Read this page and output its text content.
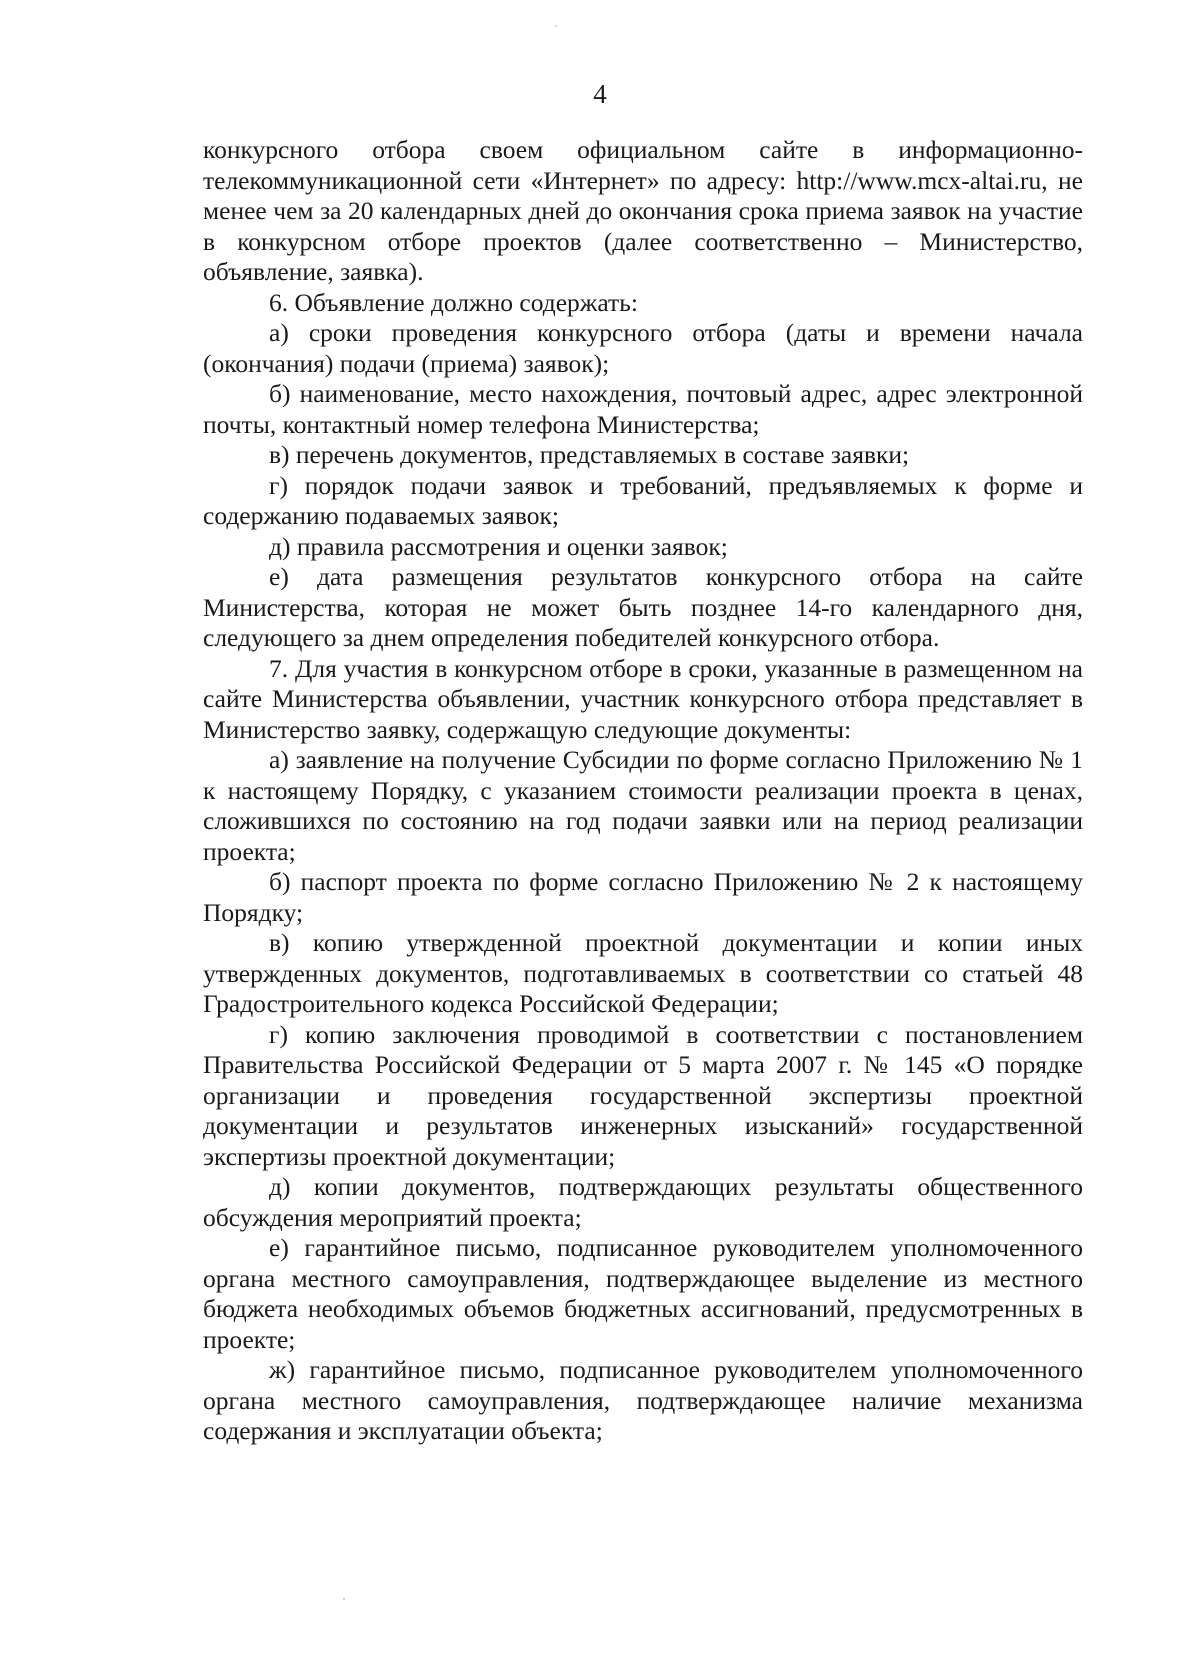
4

конкурсного отбора своем официальном сайте в информационно-телекоммуникационной сети «Интернет» по адресу: http://www.mcx-altai.ru, не менее чем за 20 календарных дней до окончания срока приема заявок на участие в конкурсном отборе проектов (далее соответственно – Министерство, объявление, заявка).

6. Объявление должно содержать:

а) сроки проведения конкурсного отбора (даты и времени начала (окончания) подачи (приема) заявок);

б) наименование, место нахождения, почтовый адрес, адрес электронной почты, контактный номер телефона Министерства;

в) перечень документов, представляемых в составе заявки;

г) порядок подачи заявок и требований, предъявляемых к форме и содержанию подаваемых заявок;

д) правила рассмотрения и оценки заявок;

е) дата размещения результатов конкурсного отбора на сайте Министерства, которая не может быть позднее 14-го календарного дня, следующего за днем определения победителей конкурсного отбора.

7. Для участия в конкурсном отборе в сроки, указанные в размещенном на сайте Министерства объявлении, участник конкурсного отбора представляет в Министерство заявку, содержащую следующие документы:

а) заявление на получение Субсидии по форме согласно Приложению № 1 к настоящему Порядку, с указанием стоимости реализации проекта в ценах, сложившихся по состоянию на год подачи заявки или на период реализации проекта;

б) паспорт проекта по форме согласно Приложению № 2 к настоящему Порядку;

в) копию утвержденной проектной документации и копии иных утвержденных документов, подготавливаемых в соответствии со статьей 48 Градостроительного кодекса Российской Федерации;

г) копию заключения проводимой в соответствии с постановлением Правительства Российской Федерации от 5 марта 2007 г. № 145 «О порядке организации и проведения государственной экспертизы проектной документации и результатов инженерных изысканий» государственной экспертизы проектной документации;

д) копии документов, подтверждающих результаты общественного обсуждения мероприятий проекта;

е) гарантийное письмо, подписанное руководителем уполномоченного органа местного самоуправления, подтверждающее выделение из местного бюджета необходимых объемов бюджетных ассигнований, предусмотренных в проекте;

ж) гарантийное письмо, подписанное руководителем уполномоченного органа местного самоуправления, подтверждающее наличие механизма содержания и эксплуатации объекта;
